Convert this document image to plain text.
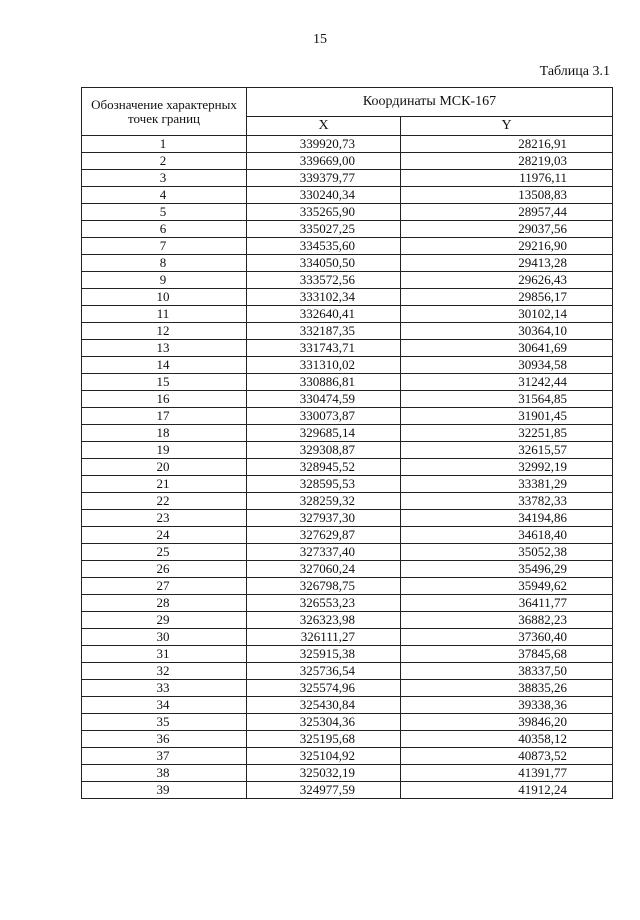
15
Таблица 3.1
Обозначение характерных точек границ	Координаты МСК-167	
	X	Y
1	339920,73	28216,91
2	339669,00	28219,03
3	339379,77	11976,11
4	330240,34	13508,83
5	335265,90	28957,44
6	335027,25	29037,56
7	334535,60	29216,90
8	334050,50	29413,28
9	333572,56	29626,43
10	333102,34	29856,17
11	332640,41	30102,14
12	332187,35	30364,10
13	331743,71	30641,69
14	331310,02	30934,58
15	330886,81	31242,44
16	330474,59	31564,85
17	330073,87	31901,45
18	329685,14	32251,85
19	329308,87	32615,57
20	328945,52	32992,19
21	328595,53	33381,29
22	328259,32	33782,33
23	327937,30	34194,86
24	327629,87	34618,40
25	327337,40	35052,38
26	327060,24	35496,29
27	326798,75	35949,62
28	326553,23	36411,77
29	326323,98	36882,23
30	326111,27	37360,40
31	325915,38	37845,68
32	325736,54	38337,50
33	325574,96	38835,26
34	325430,84	39338,36
35	325304,36	39846,20
36	325195,68	40358,12
37	325104,92	40873,52
38	325032,19	41391,77
39	324977,59	41912,24
